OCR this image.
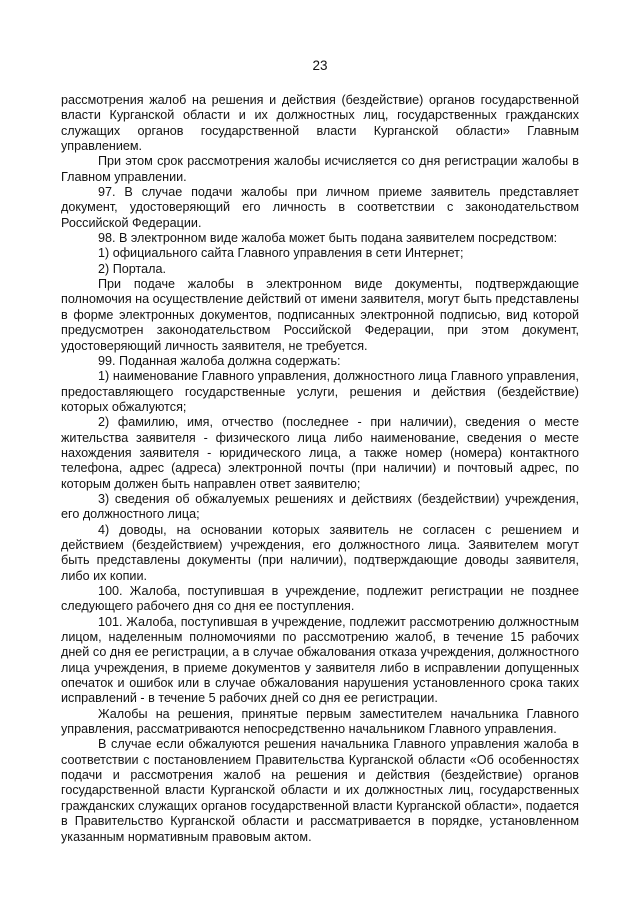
23

рассмотрения жалоб на решения и действия (бездействие) органов государственной власти Курганской области и их должностных лиц, государственных гражданских служащих органов государственной власти Курганской области» Главным управлением.

При этом срок рассмотрения жалобы исчисляется со дня регистрации жалобы в Главном управлении.

97. В случае подачи жалобы при личном приеме заявитель представляет документ, удостоверяющий его личность в соответствии с законодательством Российской Федерации.

98. В электронном виде жалоба может быть подана заявителем посредством:

1) официального сайта Главного управления в сети Интернет;

2) Портала.

При подаче жалобы в электронном виде документы, подтверждающие полномочия на осуществление действий от имени заявителя, могут быть представлены в форме электронных документов, подписанных электронной подписью, вид которой предусмотрен законодательством Российской Федерации, при этом документ, удостоверяющий личность заявителя, не требуется.

99. Поданная жалоба должна содержать:

1) наименование Главного управления, должностного лица Главного управления, предоставляющего государственные услуги, решения и действия (бездействие) которых обжалуются;

2) фамилию, имя, отчество (последнее - при наличии), сведения о месте жительства заявителя - физического лица либо наименование, сведения о месте нахождения заявителя - юридического лица, а также номер (номера) контактного телефона, адрес (адреса) электронной почты (при наличии) и почтовый адрес, по которым должен быть направлен ответ заявителю;

3) сведения об обжалуемых решениях и действиях (бездействии) учреждения, его должностного лица;

4) доводы, на основании которых заявитель не согласен с решением и действием (бездействием) учреждения, его должностного лица. Заявителем могут быть представлены документы (при наличии), подтверждающие доводы заявителя, либо их копии.

100. Жалоба, поступившая в учреждение, подлежит регистрации не позднее следующего рабочего дня со дня ее поступления.

101. Жалоба, поступившая в учреждение, подлежит рассмотрению должностным лицом, наделенным полномочиями по рассмотрению жалоб, в течение 15 рабочих дней со дня ее регистрации, а в случае обжалования отказа учреждения, должностного лица учреждения, в приеме документов у заявителя либо в исправлении допущенных опечаток и ошибок или в случае обжалования нарушения установленного срока таких исправлений - в течение 5 рабочих дней со дня ее регистрации.

Жалобы на решения, принятые первым заместителем начальника Главного управления, рассматриваются непосредственно начальником Главного управления.

В случае если обжалуются решения начальника Главного управления жалоба в соответствии с постановлением Правительства Курганской области «Об особенностях подачи и рассмотрения жалоб на решения и действия (бездействие) органов государственной власти Курганской области и их должностных лиц, государственных гражданских служащих органов государственной власти Курганской области», подается в Правительство Курганской области и рассматривается в порядке, установленном указанным нормативным правовым актом.
